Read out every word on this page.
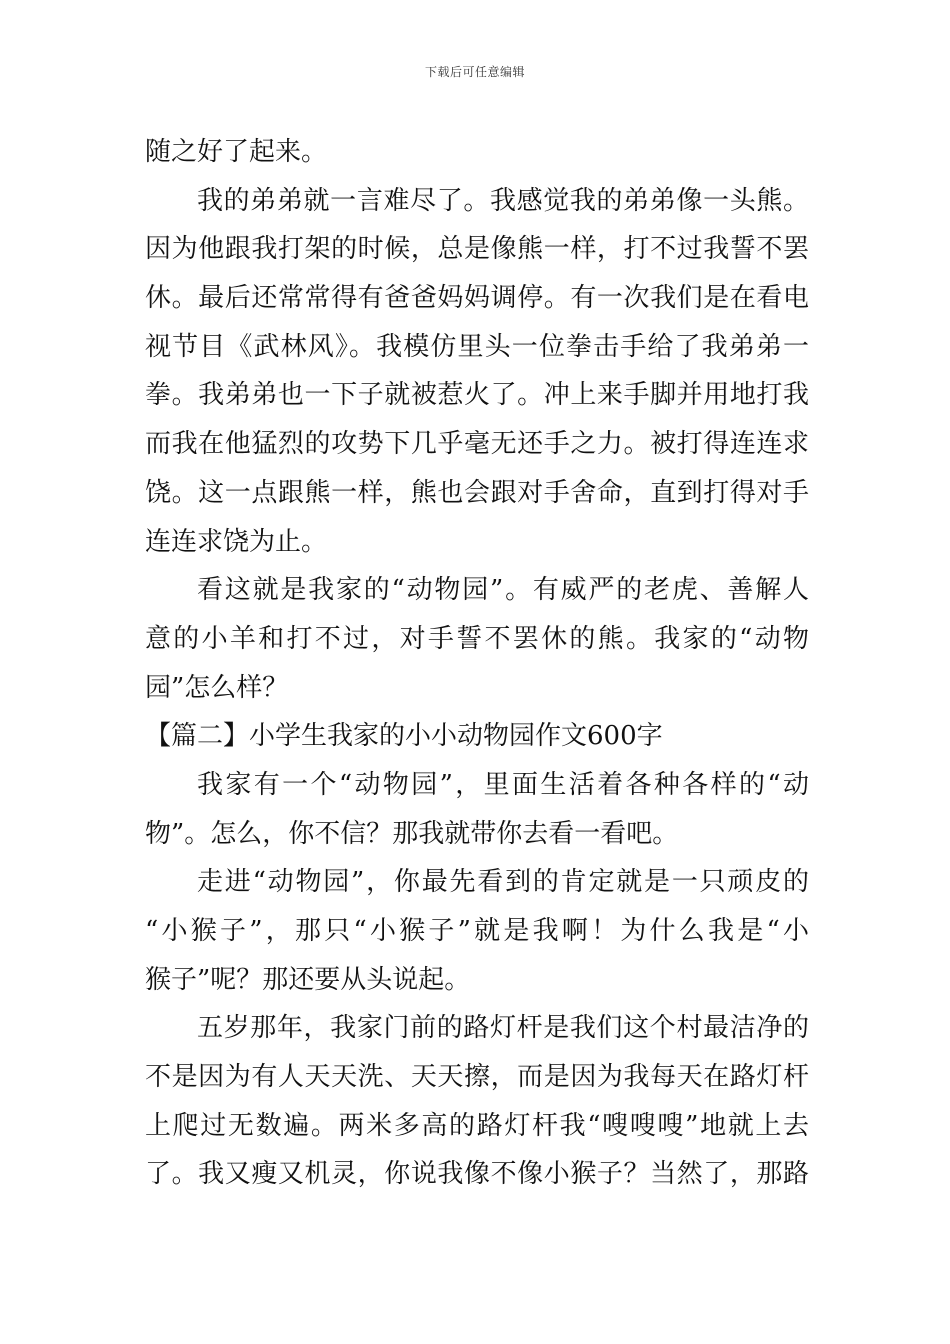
下载后可任意编辑
随之好了起来。
我的弟弟就一言难尽了。我感觉我的弟弟像一头熊。
因为他跟我打架的时候，总是像熊一样，打不过我誓不罢
休。最后还常常得有爸爸妈妈调停。有一次我们是在看电
视节目《武林风》。我模仿里头一位拳击手给了我弟弟一
拳。我弟弟也一下子就被惹火了。冲上来手脚并用地打我
而我在他猛烈的攻势下几乎毫无还手之力。被打得连连求
饶。这一点跟熊一样，熊也会跟对手舍命，直到打得对手
连连求饶为止。
看这就是我家的“动物园”。有威严的老虎、善解人
意的小羊和打不过，对手誓不罢休的熊。我家的“动物
园”怎么样？
【篇二】小学生我家的小小动物园作文600字
我家有一个“动物园”，里面生活着各种各样的“动
物”。怎么，你不信？那我就带你去看一看吧。
走进“动物园”，你最先看到的肯定就是一只顽皮的
“小猴子”，那只“小猴子”就是我啊！为什么我是“小
猴子”呢？那还要从头说起。
五岁那年，我家门前的路灯杆是我们这个村最洁净的
不是因为有人天天洗、天天擦，而是因为我每天在路灯杆
上爬过无数遍。两米多高的路灯杆我“嗖嗖嗖”地就上去
了。我又瘦又机灵，你说我像不像小猴子？当然了，那路
